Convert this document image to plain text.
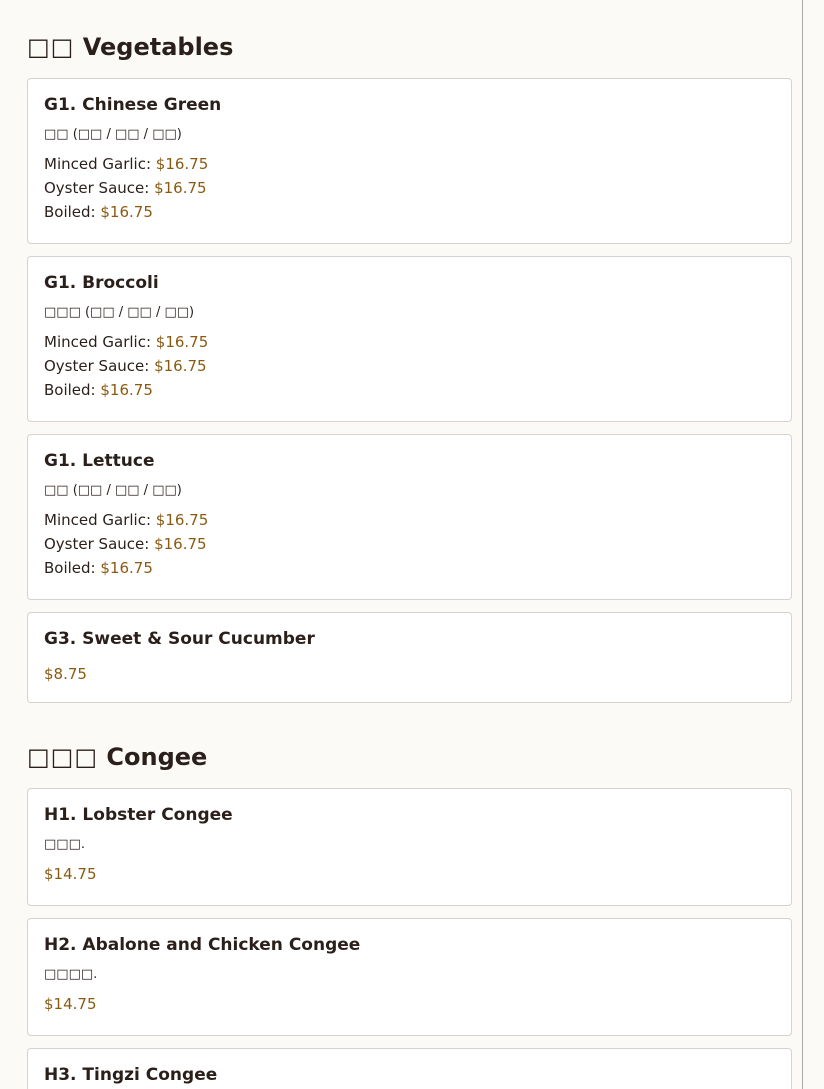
□□ Vegetables
G1. Chinese Green
□□ (□□ / □□ / □□)
Minced Garlic: $16.75
Oyster Sauce: $16.75
Boiled: $16.75
G1. Broccoli
□□□ (□□ / □□ / □□)
Minced Garlic: $16.75
Oyster Sauce: $16.75
Boiled: $16.75
G1. Lettuce
□□ (□□ / □□ / □□)
Minced Garlic: $16.75
Oyster Sauce: $16.75
Boiled: $16.75
G3. Sweet & Sour Cucumber
$8.75
□□□ Congee
H1. Lobster Congee
□□□.
$14.75
H2. Abalone and Chicken Congee
□□□□.
$14.75
H3. Tingzi Congee
